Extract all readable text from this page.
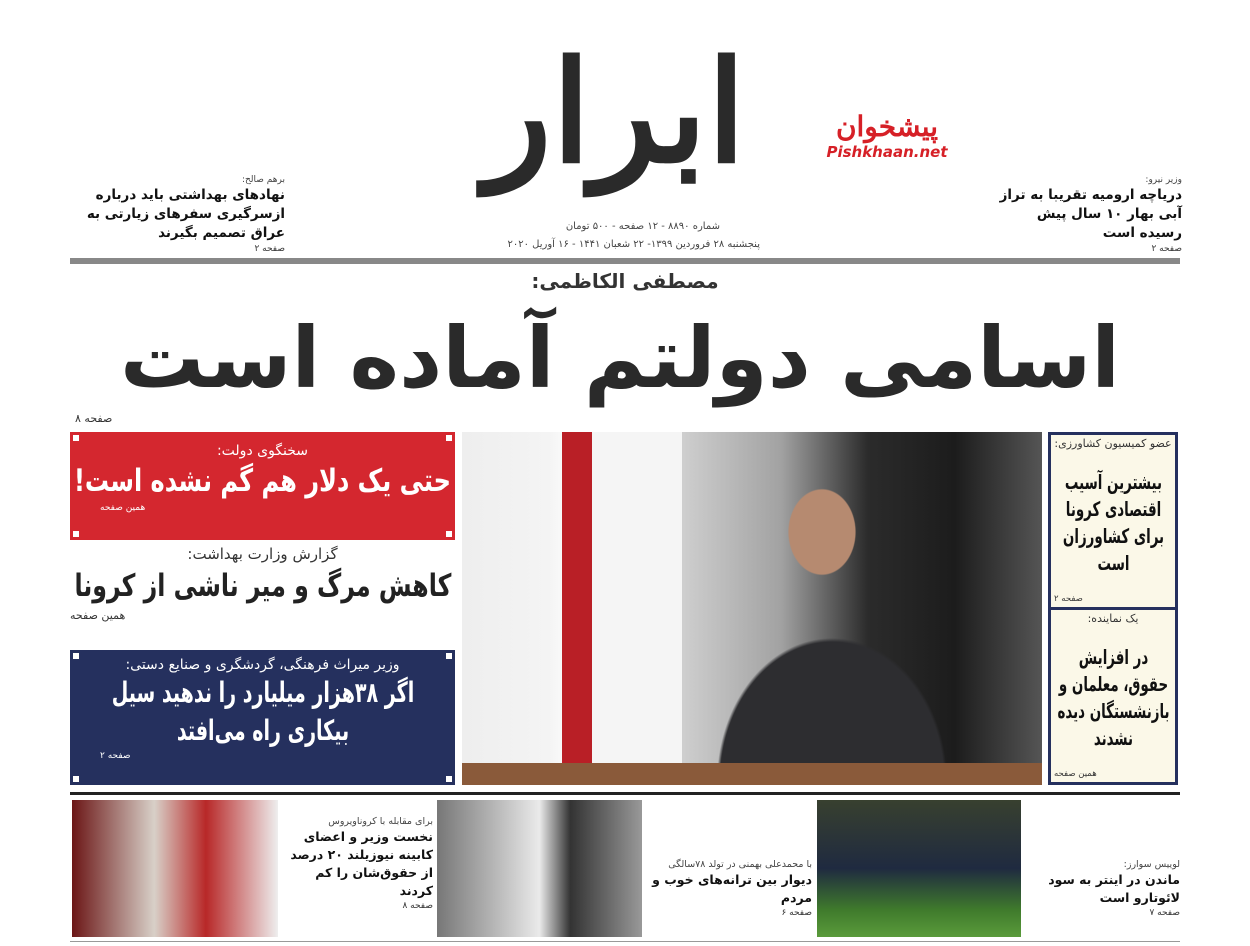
ابرار
شماره ۸۸۹۰ - ۱۲ صفحه - ۵۰۰ تومان
پنجشنبه ۲۸ فروردین ۱۳۹۹- ۲۲ شعبان ۱۴۴۱ - ۱۶ آوریل ۲۰۲۰
پیشخوان
Pishkhaan.net
برهم صالح:
نهادهای بهداشتی باید درباره ازسرگیری سفرهای زیارتی به عراق تصمیم بگیرند
صفحه ۲
وزیر نیرو:
دریاچه ارومیه تقریبا به تراز آبی بهار ۱۰ سال پیش رسیده است
صفحه ۲
مصطفی الکاظمی:
اسامی دولتم آماده است
صفحه ۸
سخنگوی دولت:
حتی یک دلار هم گم نشده است!
همین صفحه
گزارش وزارت بهداشت:
کاهش مرگ و میر ناشی از کرونا
همین صفحه
وزیر میراث فرهنگی، گردشگری و صنایع دستی:
اگر ۳۸هزار میلیارد را ندهید سیل بیکاری راه می‌افتد
صفحه ۲
عضو کمیسیون کشاورزی:
بیشترین آسیب اقتصادی کرونا برای کشاورزان است
صفحه ۲
یک نماینده:
در افزایش حقوق، معلمان و بازنشستگان دیده نشدند
همین صفحه
برای مقابله با کروناویروس
نخست وزیر و اعضای کابینه نیوزیلند ۲۰ درصد از حقوق‌شان را کم کردند
صفحه ۸
با محمدعلی بهمنی در تولد ۷۸سالگی
دیوار بین ترانه‌های خوب و مردم
صفحه ۶
لوییس سوارز:
ماندن در اینتر به سود لائوتارو است
صفحه ۷
